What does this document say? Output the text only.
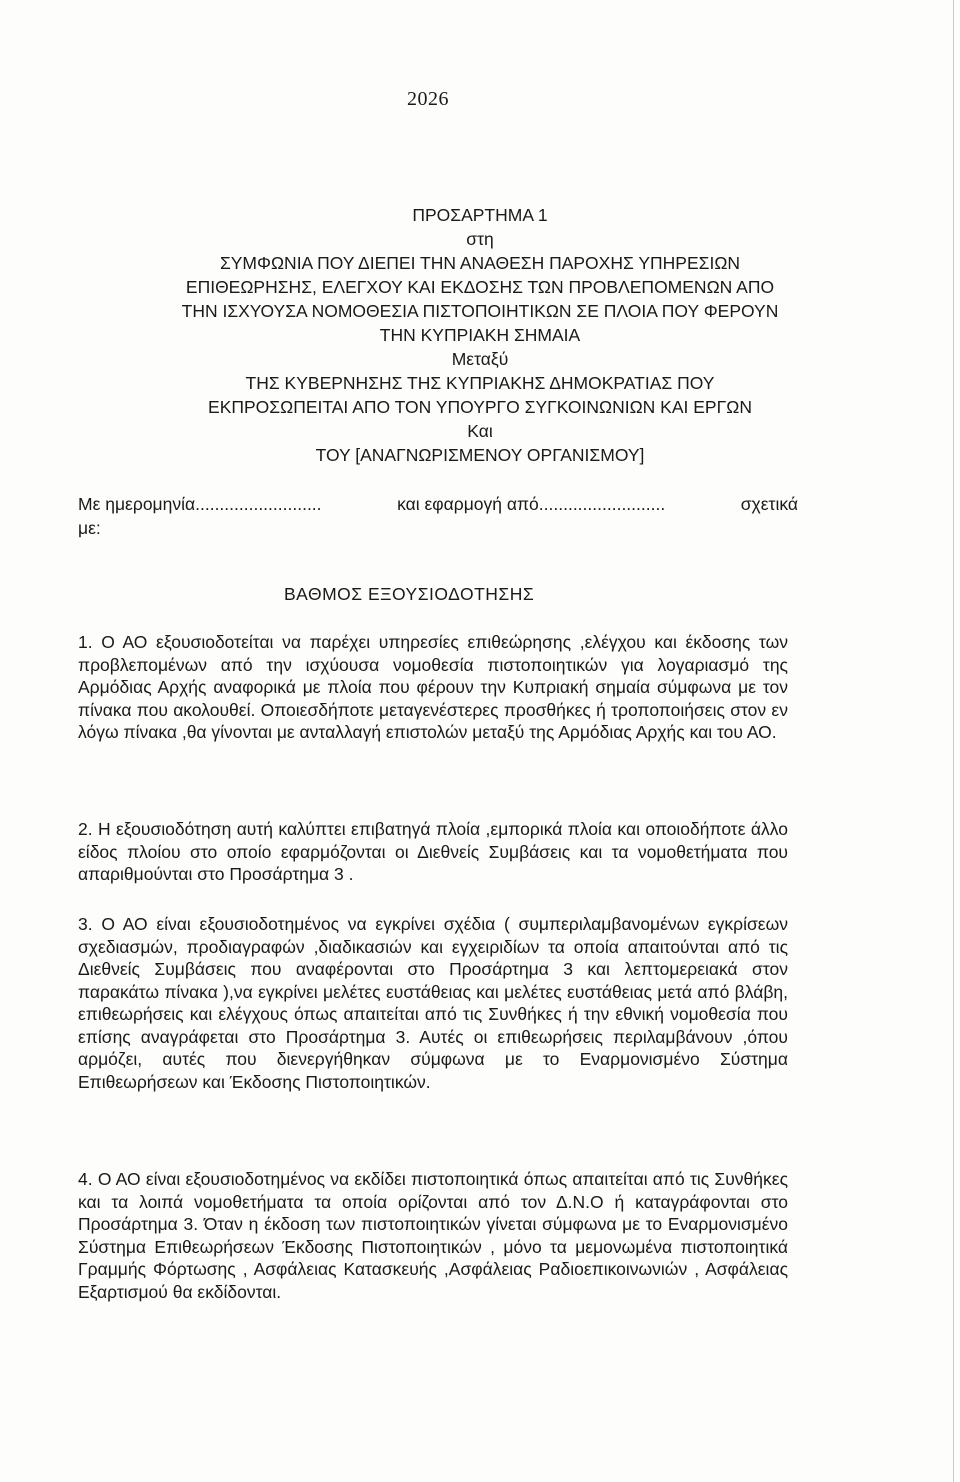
2026
ΠΡΟΣΑΡΤΗΜΑ 1
στη
ΣΥΜΦΩΝΙΑ ΠΟΥ ΔΙΕΠΕΙ ΤΗΝ ΑΝΑΘΕΣΗ ΠΑΡΟΧΗΣ ΥΠΗΡΕΣΙΩΝ
ΕΠΙΘΕΩΡΗΣΗΣ, ΕΛΕΓΧΟΥ ΚΑΙ ΕΚΔΟΣΗΣ ΤΩΝ ΠΡΟΒΛΕΠΟΜΕΝΩΝ ΑΠΟ
ΤΗΝ ΙΣΧΥΟΥΣΑ ΝΟΜΟΘΕΣΙΑ ΠΙΣΤΟΠΟΙΗΤΙΚΩΝ ΣΕ ΠΛΟΙΑ ΠΟΥ ΦΕΡΟΥΝ
ΤΗΝ ΚΥΠΡΙΑΚΗ ΣΗΜΑΙΑ
Μεταξύ
ΤΗΣ ΚΥΒΕΡΝΗΣΗΣ ΤΗΣ ΚΥΠΡΙΑΚΗΣ ΔΗΜΟΚΡΑΤΙΑΣ ΠΟΥ
ΕΚΠΡΟΣΩΠΕΙΤΑΙ ΑΠΟ ΤΟΝ ΥΠΟΥΡΓΟ ΣΥΓΚΟΙΝΩΝΙΩΝ ΚΑΙ ΕΡΓΩΝ
Και
ΤΟΥ [ΑΝΑΓΝΩΡΙΣΜΕΝΟΥ ΟΡΓΑΝΙΣΜΟΥ]
Με ημερομηνία..........................	και εφαρμογή από..........................	σχετικά
με:
ΒΑΘΜΟΣ ΕΞΟΥΣΙΟΔΟΤΗΣΗΣ
1. Ο ΑΟ εξουσιοδοτείται να παρέχει υπηρεσίες επιθεώρησης ,ελέγχου και έκδοσης των προβλεπομένων από την ισχύουσα νομοθεσία πιστοποιητικών για λογαριασμό της Αρμόδιας Αρχής αναφορικά με πλοία που φέρουν την Κυπριακή σημαία σύμφωνα με τον πίνακα που ακολουθεί. Οποιεσδήποτε μεταγενέστερες προσθήκες ή τροποποιήσεις στον εν λόγω πίνακα ,θα γίνονται με ανταλλαγή επιστολών μεταξύ της Αρμόδιας Αρχής και του ΑΟ.
2. Η εξουσιοδότηση αυτή καλύπτει επιβατηγά πλοία ,εμπορικά πλοία και οποιοδήποτε άλλο είδος πλοίου στο οποίο εφαρμόζονται οι Διεθνείς Συμβάσεις και τα νομοθετήματα που απαριθμούνται στο Προσάρτημα 3 .
3. Ο ΑΟ είναι εξουσιοδοτημένος να εγκρίνει σχέδια ( συμπεριλαμβανομένων εγκρίσεων σχεδιασμών, προδιαγραφών ,διαδικασιών και εγχειριδίων τα οποία απαιτούνται από τις Διεθνείς Συμβάσεις που αναφέρονται στο Προσάρτημα 3 και λεπτομερειακά στον παρακάτω πίνακα ),να εγκρίνει μελέτες ευστάθειας και μελέτες ευστάθειας μετά από βλάβη, επιθεωρήσεις και ελέγχους όπως απαιτείται από τις Συνθήκες ή την εθνική νομοθεσία που επίσης αναγράφεται στο Προσάρτημα 3. Αυτές οι επιθεωρήσεις περιλαμβάνουν ,όπου αρμόζει, αυτές που διενεργήθηκαν σύμφωνα με το Εναρμονισμένο Σύστημα Επιθεωρήσεων και Έκδοσης Πιστοποιητικών.
4. Ο ΑΟ είναι εξουσιοδοτημένος να εκδίδει πιστοποιητικά όπως απαιτείται από τις Συνθήκες και τα λοιπά νομοθετήματα τα οποία ορίζονται από τον Δ.Ν.Ο ή καταγράφονται στο Προσάρτημα 3. Όταν η έκδοση των πιστοποιητικών γίνεται σύμφωνα με το Εναρμονισμένο Σύστημα Επιθεωρήσεων Έκδοσης Πιστοποιητικών , μόνο τα μεμονωμένα πιστοποιητικά Γραμμής Φόρτωσης , Ασφάλειας Κατασκευής ,Ασφάλειας Ραδιοεπικοινωνιών , Ασφάλειας Εξαρτισμού θα εκδίδονται.
